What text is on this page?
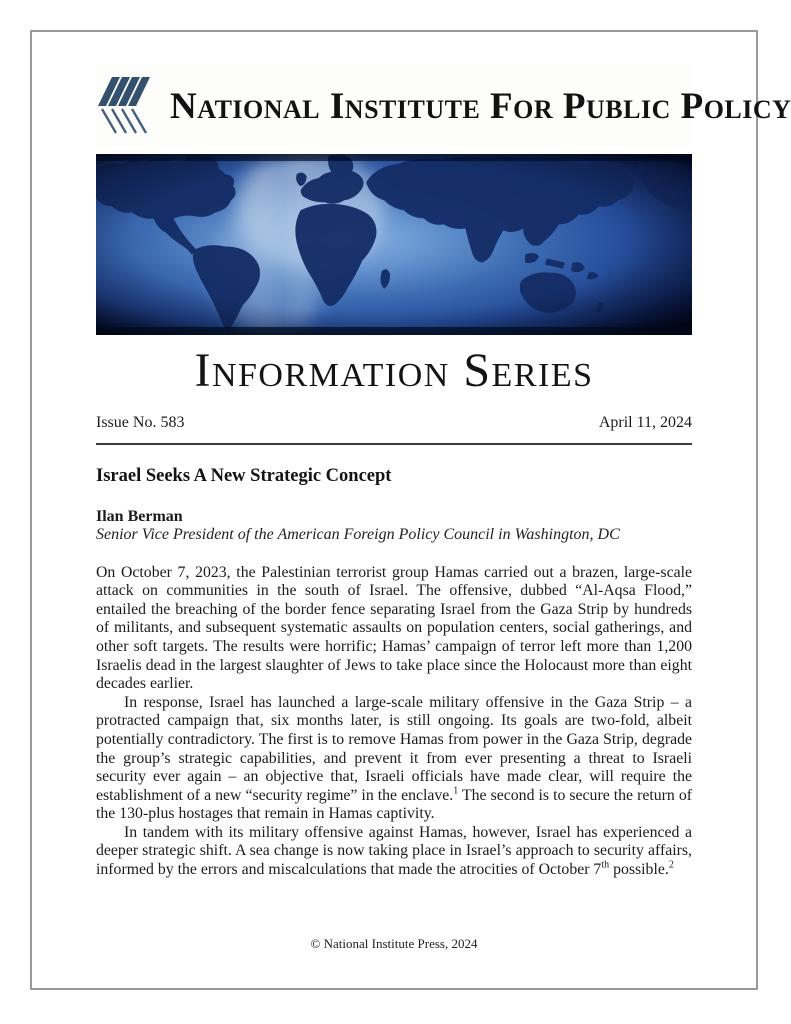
National Institute For Public Policy
Information Series
Issue No. 583	April 11, 2024
Israel Seeks A New Strategic Concept

Ilan Berman

Senior Vice President of the American Foreign Policy Council in Washington, DC

On October 7, 2023, the Palestinian terrorist group Hamas carried out a brazen, large-scale attack on communities in the south of Israel. The offensive, dubbed “Al-Aqsa Flood,” entailed the breaching of the border fence separating Israel from the Gaza Strip by hundreds of militants, and subsequent systematic assaults on population centers, social gatherings, and other soft targets. The results were horrific; Hamas’ campaign of terror left more than 1,200 Israelis dead in the largest slaughter of Jews to take place since the Holocaust more than eight decades earlier.

In response, Israel has launched a large-scale military offensive in the Gaza Strip – a protracted campaign that, six months later, is still ongoing. Its goals are two-fold, albeit potentially contradictory. The first is to remove Hamas from power in the Gaza Strip, degrade the group’s strategic capabilities, and prevent it from ever presenting a threat to Israeli security ever again – an objective that, Israeli officials have made clear, will require the establishment of a new “security regime” in the enclave.$^1$ The second is to secure the return of the 130-plus hostages that remain in Hamas captivity.

In tandem with its military offensive against Hamas, however, Israel has experienced a deeper strategic shift. A sea change is now taking place in Israel’s approach to security affairs, informed by the errors and miscalculations that made the atrocities of October 7th possible.$^2$

© National Institute Press, 2024
